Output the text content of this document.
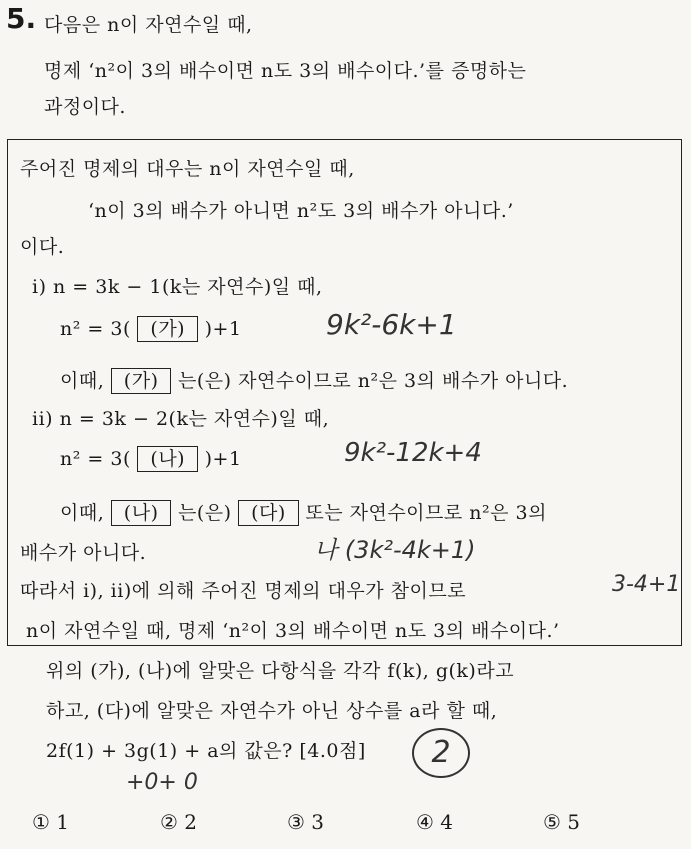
5. 다음은 n이 자연수일 때,
명제 ‘n²이 3의 배수이면 n도 3의 배수이다.’를 증명하는
과정이다.
주어진 명제의 대우는 n이 자연수일 때,
‘n이 3의 배수가 아니면 n²도 3의 배수가 아니다.’
이다.
i) n = 3k − 1(k는 자연수)일 때,
n² = 3( (가) )+1
이때, (가) 는(은) 자연수이므로 n²은 3의 배수가 아니다.
ii) n = 3k − 2(k는 자연수)일 때,
n² = 3( (나) )+1
이때, (나) 는(은) (다) 또는 자연수이므로 n²은 3의
배수가 아니다.
따라서 i), ii)에 의해 주어진 명제의 대우가 참이므로
n이 자연수일 때, 명제 ‘n²이 3의 배수이면 n도 3의 배수이다.’
9k²-6k+1
9k²-12k+4
나 (3k²-4k+1)
3-4+1
위의 (가), (나)에 알맞은 다항식을 각각 f(k), g(k)라고
하고, (다)에 알맞은 자연수가 아닌 상수를 a라 할 때,
2f(1) + 3g(1) + a의 값은? [4.0점]	2
+0+ 0
① 1	② 2	③ 3	④ 4	⑤ 5
